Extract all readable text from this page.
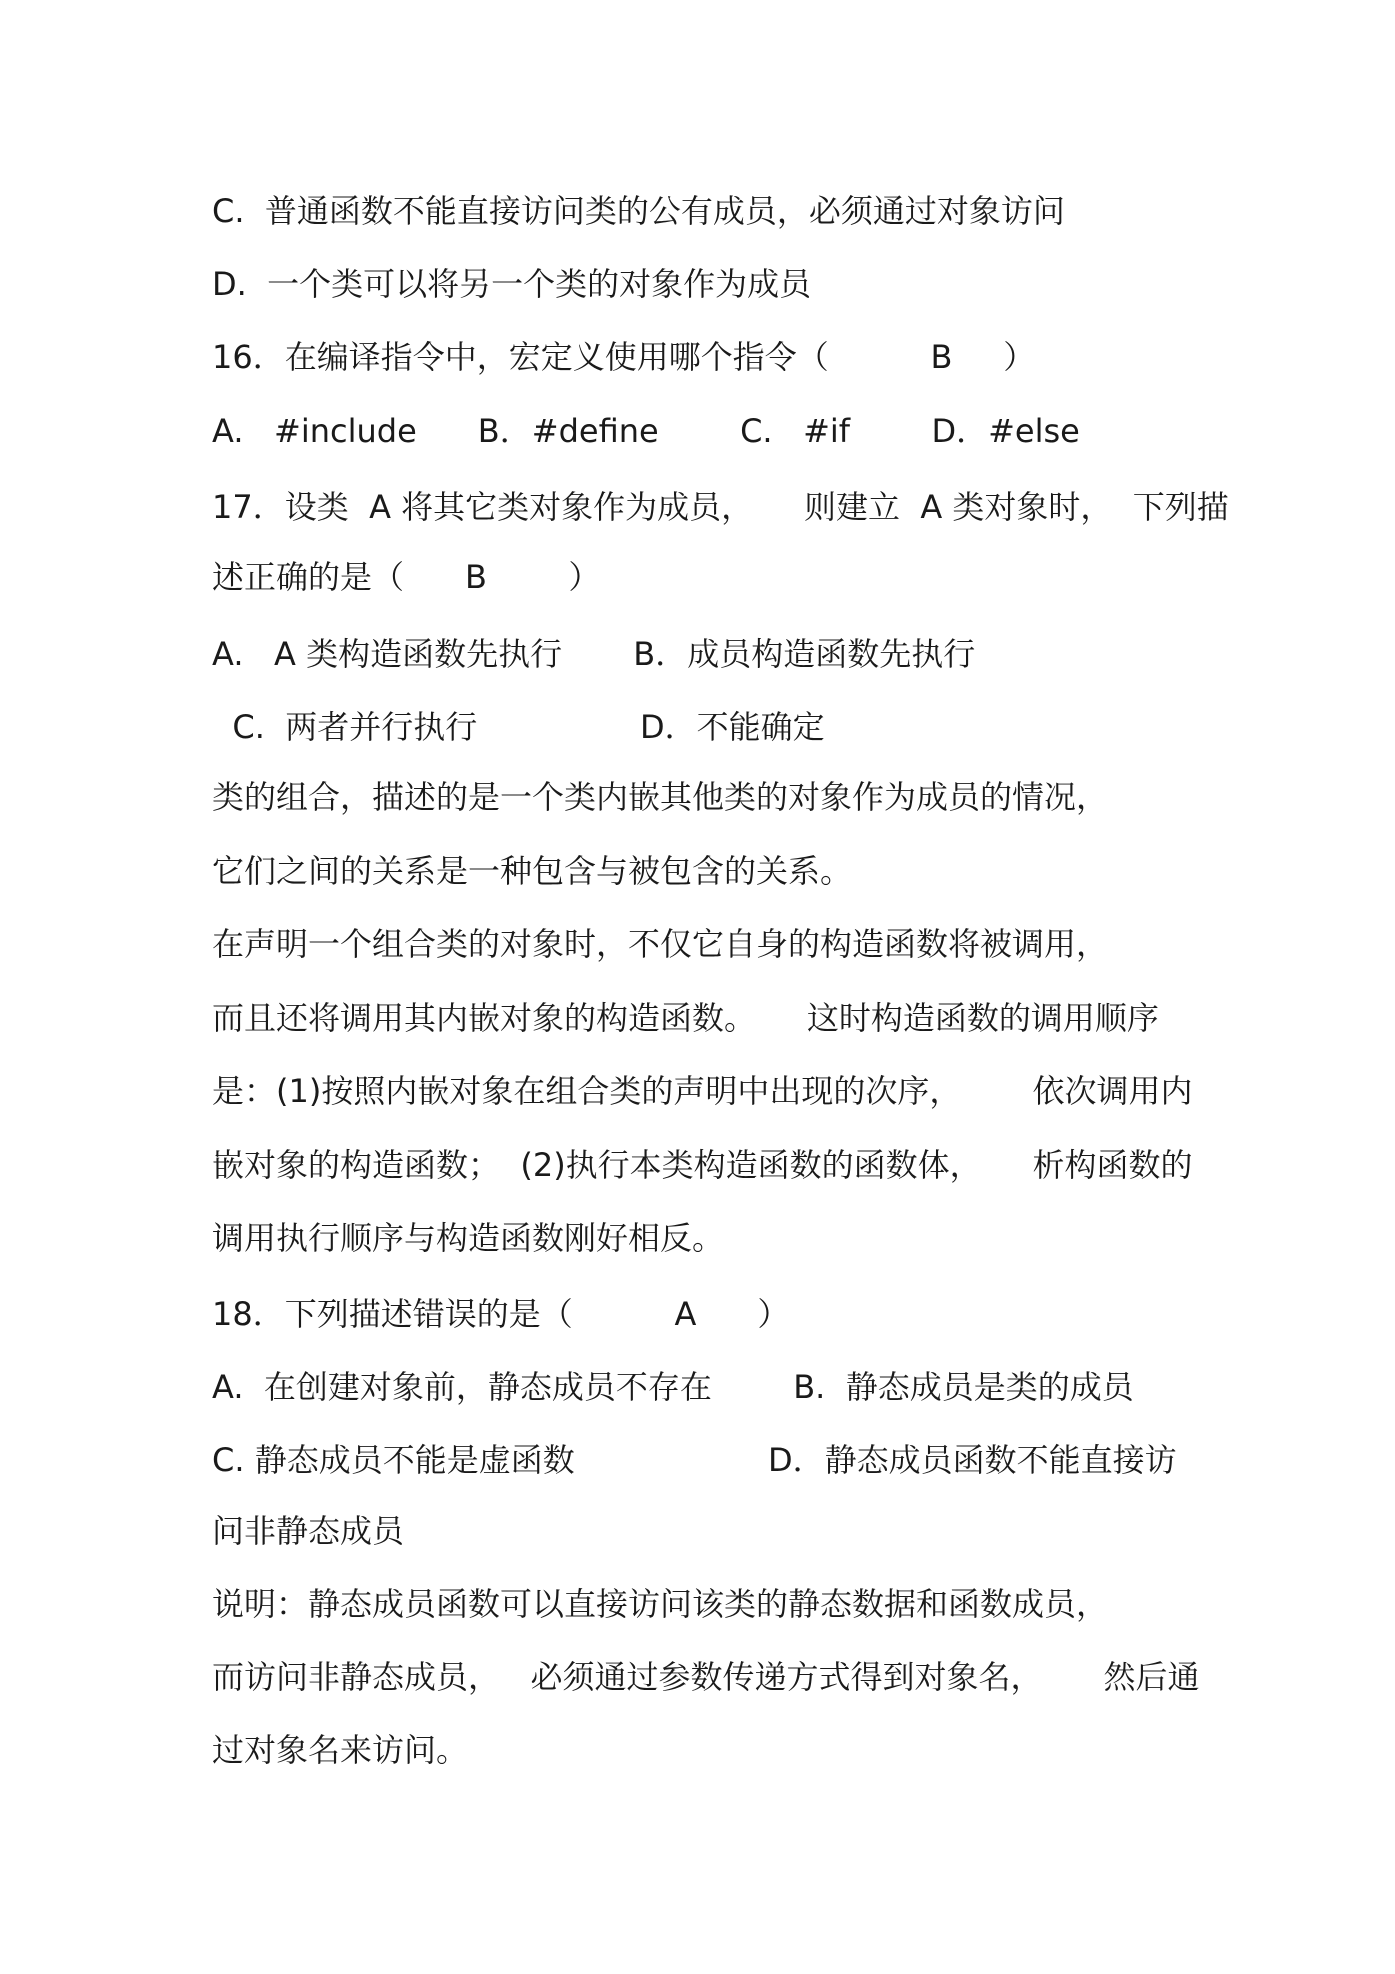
C.  普通函数不能直接访问类的公有成员，必须通过对象访问
D.  一个类可以将另一个类的对象作为成员
16．在编译指令中，宏定义使用哪个指令（          B     ）
A.   #include      B．#define        C.   #if        D．#else
17．设类  A 将其它类对象作为成员，     则建立  A 类对象时，  下列描
述正确的是（      B        ）
A.   A 类构造函数先执行       B．成员构造函数先执行
C.  两者并行执行                D．不能确定
类的组合，描述的是一个类内嵌其他类的对象作为成员的情况，
它们之间的关系是一种包含与被包含的关系。
在声明一个组合类的对象时，不仅它自身的构造函数将被调用，
而且还将调用其内嵌对象的构造函数。     这时构造函数的调用顺序
是：(1)按照内嵌对象在组合类的声明中出现的次序，       依次调用内
嵌对象的构造函数；  (2)执行本类构造函数的函数体，     析构函数的
调用执行顺序与构造函数刚好相反。
18．下列描述错误的是（          A      ）
A.  在创建对象前，静态成员不存在        B.  静态成员是类的成员
C. 静态成员不能是虚函数                   D．静态成员函数不能直接访
问非静态成员
说明：静态成员函数可以直接访问该类的静态数据和函数成员，
而访问非静态成员，   必须通过参数传递方式得到对象名，      然后通
过对象名来访问。
